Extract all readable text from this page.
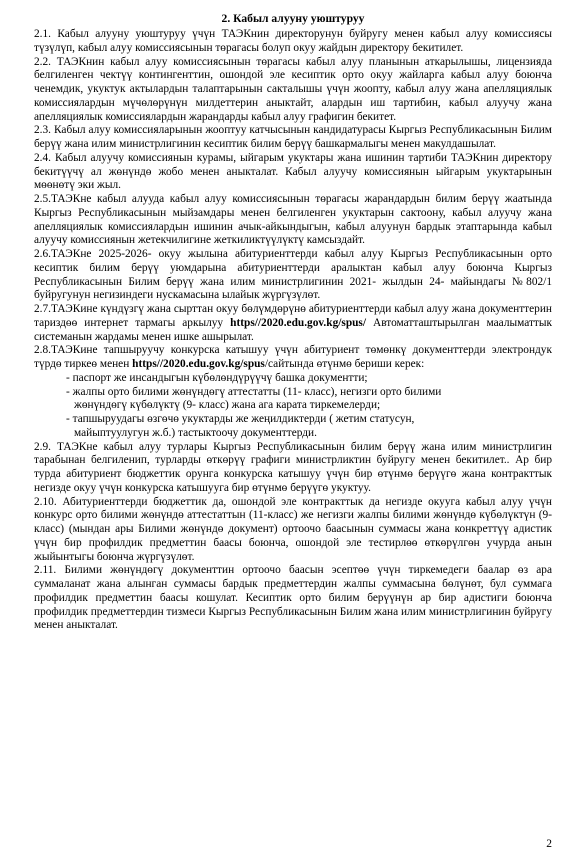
2. Кабыл алууну уюштуруу

2.1. Кабыл алууну уюштуруу үчүн ТАЭКнин директорунун буйругу менен кабыл алуу комиссиясы түзүлүп, кабыл алуу комиссиясынын төрагасы болуп окуу жайдын директору бекитилет.

2.2. ТАЭКнин кабыл алуу комиссиясынын төрагасы кабыл алуу планынын аткарылышы, лицензияда белгиленген чектүү контингенттин, ошондой эле кесиптик орто окуу жайларга кабыл алуу боюнча ченемдик, укуктук актылардын талаптарынын сакталышы үчүн жоопту, кабыл алуу жана апелляциялык комиссиялардын мүчөлөрүнүн милдеттерин аныктайт, алардын иш тартибин, кабыл алуучу жана апелляциялык комиссиялардын жарандарды кабыл алуу графигин бекитет.

2.3. Кабыл алуу комиссияларынын жооптуу катчысынын кандидатурасы Кыргыз Республикасынын Билим берүү жана илим министрлигинин кесиптик билим берүү башкармалыгы менен макулдашылат.

2.4. Кабыл алуучу комиссиянын курамы, ыйгарым укуктары жана ишинин тартиби ТАЭКнин директору бекитүүчү ал жөнүндө жобо менен аныкталат. Кабыл алуучу комиссиянын ыйгарым укуктарынын мөөнөтү эки жыл.

2.5.ТАЭКне кабыл алууда кабыл алуу комиссиясынын төрагасы жарандардын билим берүү жаатында Кыргыз Республикасынын мыйзамдары менен белгиленген укуктарын сактоону, кабыл алуучу жана апелляциялык комиссиялардын ишинин ачык-айкындыгын, кабыл алуунун бардык этаптарында кабыл алуучу комиссиянын жетекчилигине жеткиликтүүлүктү камсыздайт.

2.6.ТАЭКне 2025-2026- окуу жылына абитуриенттерди кабыл алуу Кыргыз Республикасынын орто кесиптик билим берүү уюмдарына абитуриенттерди аралыктан кабыл алуу боюнча Кыргыз Республикасынын Билим берүү жана илим министрлигинин 2021- жылдын 24- майындагы №802/1 буйругунун негизиндеги нускамасына ылайык жүргүзүлөт.

2.7.ТАЭКине күндүзгү жана сырттан окуу бөлүмдөрүнө абитуриенттерди кабыл алуу жана документтерин тариздөө интернет тармагы аркылуу https//2020.edu.gov.kg/spus/ Автоматташтырылган маалыматтык системанын жардамы менен ишке ашырылат.

2.8.ТАЭКине тапшыруучу конкурска катышуу үчүн абитуриент төмөнкү документтерди электрондук түрдө тиркеө менен https//2020.edu.gov.kg/spus/сайтында өтүнмө бериши керек:

- паспорт же инсандыгын күбөлөндүрүүчү башка документти;
- жалпы орто билими жөнүндөгү аттестатты (11- класс), негизги орто билими
жөнүндөгү күбөлүктү (9- класс) жана ага карата тиркемелерди;
- тапшыруудагы өзгөчө укуктарды же жеңилдиктерди ( жетим статусун,
майыптуулугун ж.б.) тастыктоочу документтерди.

2.9. ТАЭКне кабыл алуу турлары Кыргыз Республикасынын билим берүү жана илим министрлигин тарабынан белгиленип, турларды өткөрүү графиги министрликтин буйругу менен бекитилет.. Ар бир турда абитуриент бюджеттик орунга конкурска катышуу үчүн бир өтүнмө берүүгө жана контракттык негизде окуу үчүн конкурска катышууга бир өтүнмө берүүгө укуктуу.

2.10. Абитуриенттерди бюджеттик да, ошондой эле контракттык да негизде окууга кабыл алуу үчүн конкурс орто билими жөнүндө аттестаттын (11-класс) же негизги жалпы билими жөнүндө күбөлүктүн (9- класс) (мындан ары Билими жөнүндө документ) ортоочо баасынын суммасы жана конкреттүү адистик үчүн бир профилдик предметтин баасы боюнча, ошондой эле тестирлөө өткөрүлгөн учурда анын жыйынтыгы боюнча жүргүзүлөт.

2.11. Билими жөнүндөгү документтин ортоочо баасын эсептөө үчүн тиркемедеги баалар өз ара суммаланат жана алынган суммасы бардык предметтердин жалпы суммасына бөлүнөт, бул суммага профилдик предметтин баасы кошулат. Кесиптик орто билим берүүнүн ар бир адистиги боюнча профилдик предметтердин тизмеси Кыргыз Республикасынын Билим жана илим министрлигинин буйругу менен аныкталат.

2
